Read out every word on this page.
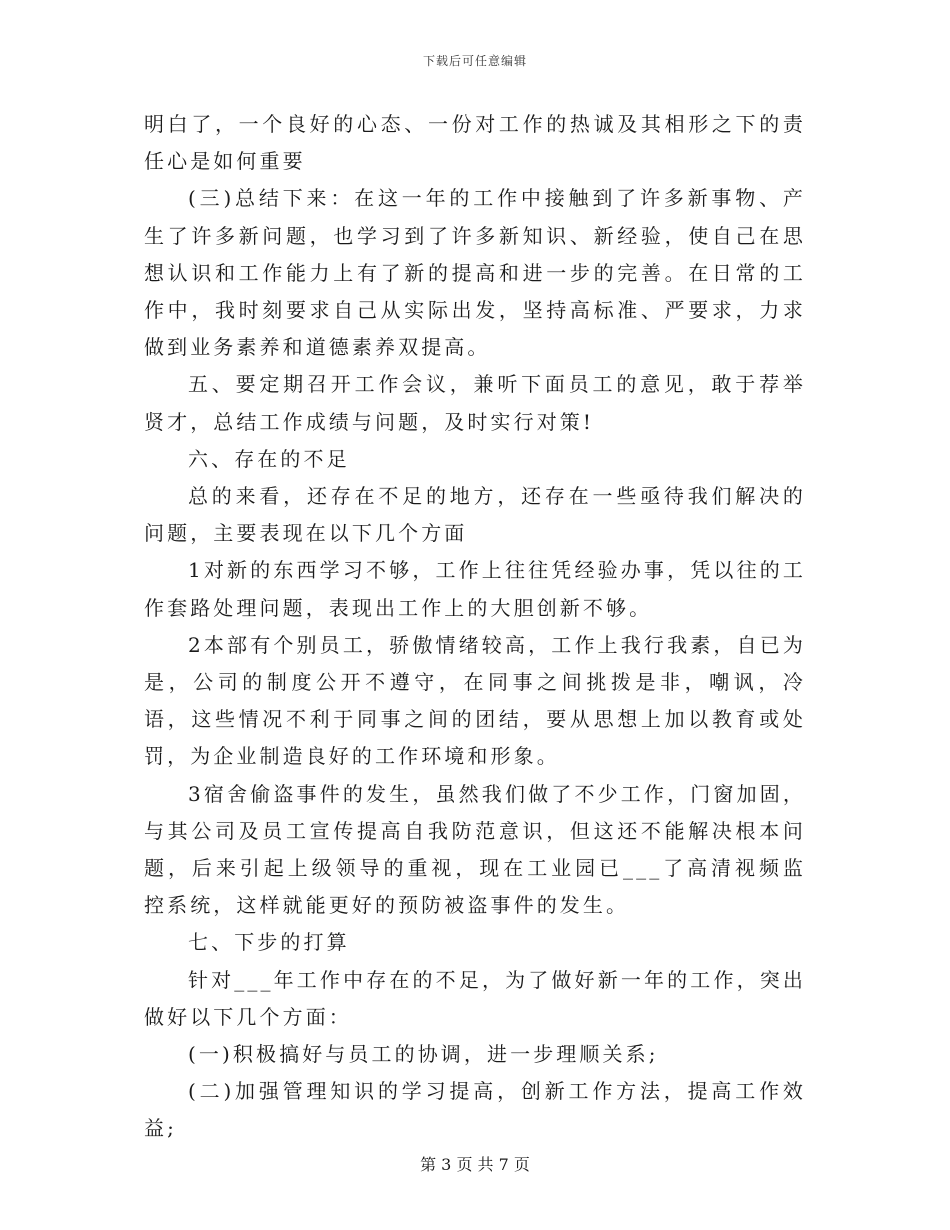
下载后可任意编辑

明白了，一个良好的心态、一份对工作的热诚及其相形之下的责任心是如何重要

(三)总结下来：在这一年的工作中接触到了许多新事物、产生了许多新问题，也学习到了许多新知识、新经验，使自己在思想认识和工作能力上有了新的提高和进一步的完善。在日常的工作中，我时刻要求自己从实际出发，坚持高标准、严要求，力求做到业务素养和道德素养双提高。

五、要定期召开工作会议，兼听下面员工的意见，敢于荐举贤才，总结工作成绩与问题，及时实行对策!

六、存在的不足

总的来看，还存在不足的地方，还存在一些亟待我们解决的问题，主要表现在以下几个方面

1对新的东西学习不够，工作上往往凭经验办事，凭以往的工作套路处理问题，表现出工作上的大胆创新不够。

2本部有个别员工，骄傲情绪较高，工作上我行我素，自已为是，公司的制度公开不遵守，在同事之间挑拨是非，嘲讽，冷语，这些情况不利于同事之间的团结，要从思想上加以教育或处罚，为企业制造良好的工作环境和形象。

3宿舍偷盗事件的发生，虽然我们做了不少工作，门窗加固，与其公司及员工宣传提高自我防范意识，但这还不能解决根本问题，后来引起上级领导的重视，现在工业园已___了高清视频监控系统，这样就能更好的预防被盗事件的发生。

七、下步的打算

针对___年工作中存在的不足，为了做好新一年的工作，突出做好以下几个方面：

(一)积极搞好与员工的协调，进一步理顺关系;

(二)加强管理知识的学习提高，创新工作方法，提高工作效益;

第 3 页 共 7 页
